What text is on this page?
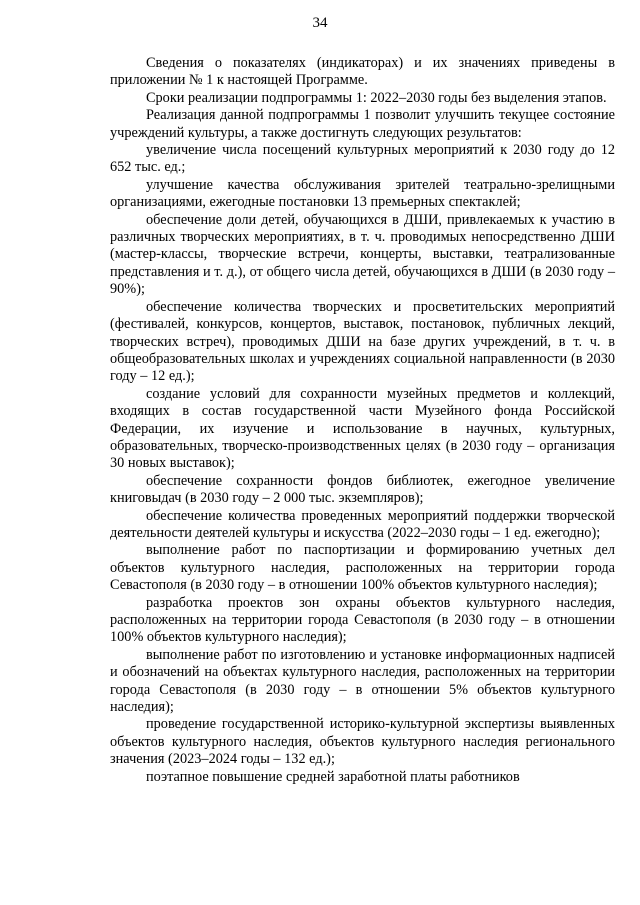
34

Сведения о показателях (индикаторах) и их значениях приведены в приложении № 1 к настоящей Программе.

Сроки реализации подпрограммы 1: 2022–2030 годы без выделения этапов.

Реализация данной подпрограммы 1 позволит улучшить текущее состояние учреждений культуры, а также достигнуть следующих результатов:

увеличение числа посещений культурных мероприятий к 2030 году до 12 652 тыс. ед.;

улучшение качества обслуживания зрителей театрально-зрелищными организациями, ежегодные постановки 13 премьерных спектаклей;

обеспечение доли детей, обучающихся в ДШИ, привлекаемых к участию в различных творческих мероприятиях, в т. ч. проводимых непосредственно ДШИ (мастер-классы, творческие встречи, концерты, выставки, театрализованные представления и т. д.), от общего числа детей, обучающихся в ДШИ (в 2030 году – 90%);

обеспечение количества творческих и просветительских мероприятий (фестивалей, конкурсов, концертов, выставок, постановок, публичных лекций, творческих встреч), проводимых ДШИ на базе других учреждений, в т. ч. в общеобразовательных школах и учреждениях социальной направленности (в 2030 году – 12 ед.);

создание условий для сохранности музейных предметов и коллекций, входящих в состав государственной части Музейного фонда Российской Федерации, их изучение и использование в научных, культурных, образовательных, творческо-производственных целях (в 2030 году – организация 30 новых выставок);

обеспечение сохранности фондов библиотек, ежегодное увеличение книговыдач (в 2030 году – 2 000 тыс. экземпляров);

обеспечение количества проведенных мероприятий поддержки творческой деятельности деятелей культуры и искусства (2022–2030 годы – 1 ед. ежегодно);

выполнение работ по паспортизации и формированию учетных дел объектов культурного наследия, расположенных на территории города Севастополя (в 2030 году – в отношении 100% объектов культурного наследия);

разработка проектов зон охраны объектов культурного наследия, расположенных на территории города Севастополя (в 2030 году – в отношении 100% объектов культурного наследия);

выполнение работ по изготовлению и установке информационных надписей и обозначений на объектах культурного наследия, расположенных на территории города Севастополя (в 2030 году – в отношении 5% объектов культурного наследия);

проведение государственной историко-культурной экспертизы выявленных объектов культурного наследия, объектов культурного наследия регионального значения (2023–2024 годы – 132 ед.);

поэтапное повышение средней заработной платы работников
